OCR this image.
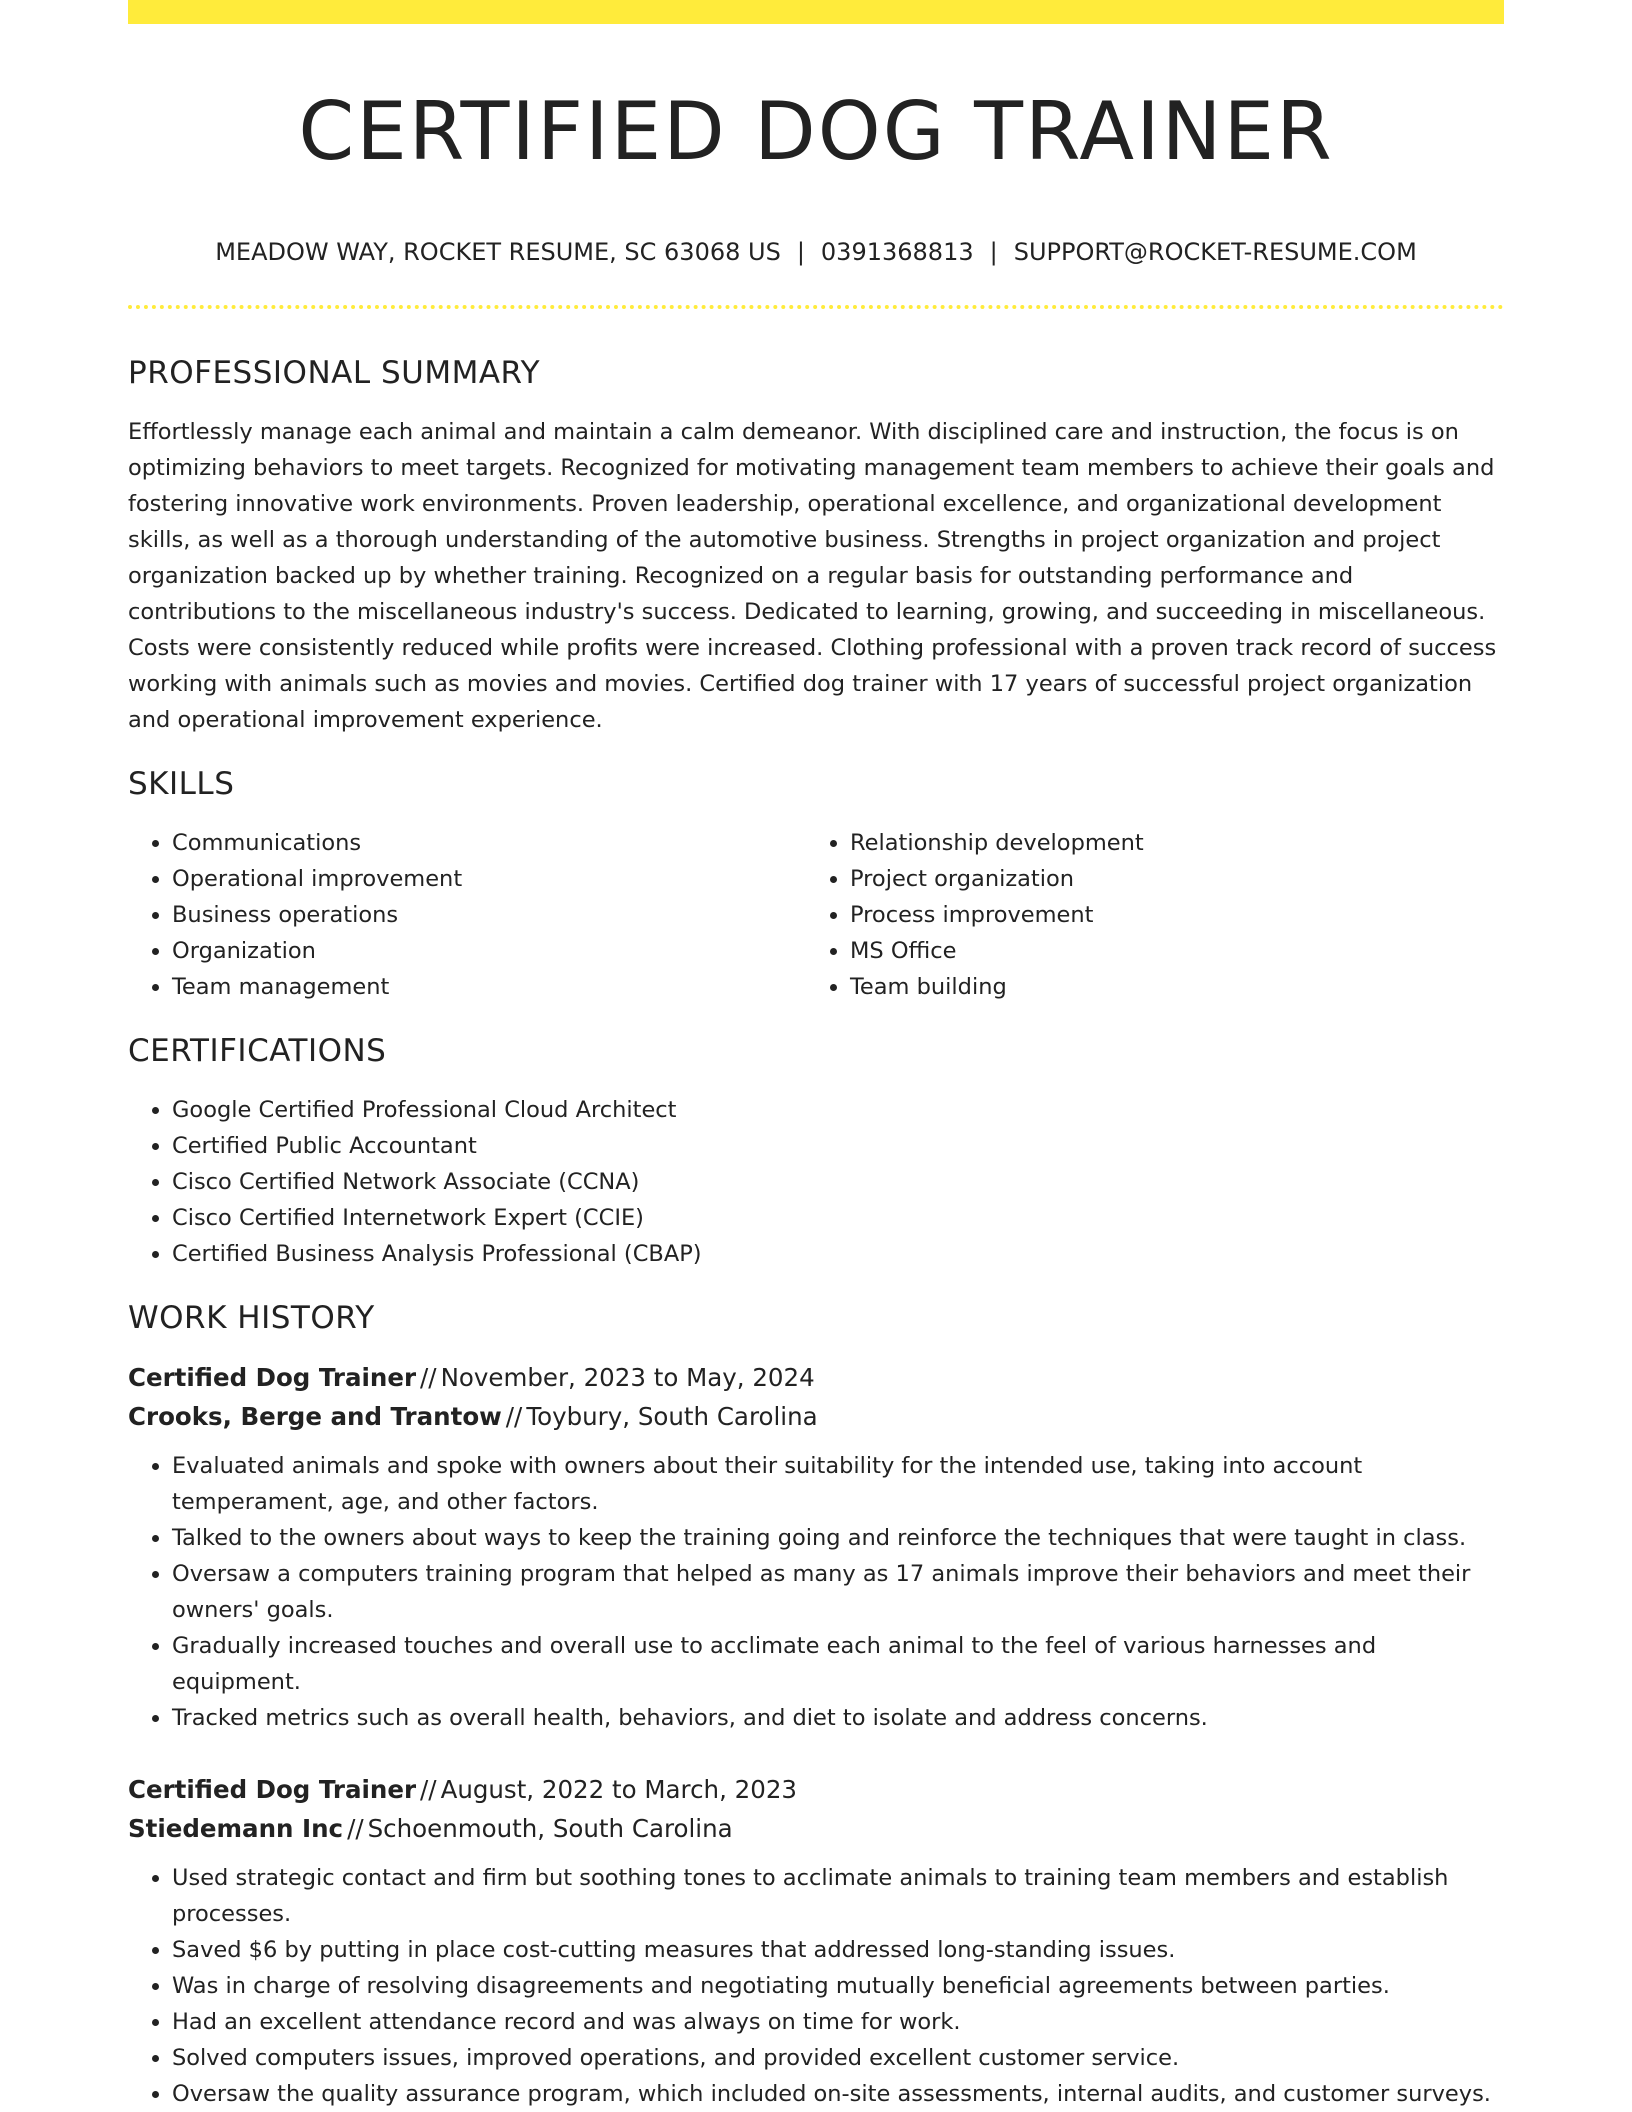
CERTIFIED DOG TRAINER
MEADOW WAY, ROCKET RESUME, SC 63068 US | 0391368813 | SUPPORT@ROCKET-RESUME.COM
PROFESSIONAL SUMMARY

Effortlessly manage each animal and maintain a calm demeanor. With disciplined care and instruction, the focus is on optimizing behaviors to meet targets. Recognized for motivating management team members to achieve their goals and fostering innovative work environments. Proven leadership, operational excellence, and organizational development skills, as well as a thorough understanding of the automotive business. Strengths in project organization and project organization backed up by whether training. Recognized on a regular basis for outstanding performance and contributions to the miscellaneous industry's success. Dedicated to learning, growing, and succeeding in miscellaneous. Costs were consistently reduced while profits were increased. Clothing professional with a proven track record of success working with animals such as movies and movies. Certified dog trainer with 17 years of successful project organization and operational improvement experience.

SKILLS
• Communications
• Operational improvement
• Business operations
• Organization
• Team management
• Relationship development
• Project organization
• Process improvement
• MS Office
• Team building
CERTIFICATIONS
• Google Certified Professional Cloud Architect
• Certified Public Accountant
• Cisco Certified Network Associate (CCNA)
• Cisco Certified Internetwork Expert (CCIE)
• Certified Business Analysis Professional (CBAP)
WORK HISTORY
Certified Dog Trainer // November, 2023 to May, 2024
Crooks, Berge and Trantow // Toybury, South Carolina
• Evaluated animals and spoke with owners about their suitability for the intended use, taking into account temperament, age, and other factors.
• Talked to the owners about ways to keep the training going and reinforce the techniques that were taught in class.
• Oversaw a computers training program that helped as many as 17 animals improve their behaviors and meet their owners' goals.
• Gradually increased touches and overall use to acclimate each animal to the feel of various harnesses and equipment.
• Tracked metrics such as overall health, behaviors, and diet to isolate and address concerns.
Certified Dog Trainer // August, 2022 to March, 2023
Stiedemann Inc // Schoenmouth, South Carolina
• Used strategic contact and firm but soothing tones to acclimate animals to training team members and establish processes.
• Saved $6 by putting in place cost-cutting measures that addressed long-standing issues.
• Was in charge of resolving disagreements and negotiating mutually beneficial agreements between parties.
• Had an excellent attendance record and was always on time for work.
• Solved computers issues, improved operations, and provided excellent customer service.
• Oversaw the quality assurance program, which included on-site assessments, internal audits, and customer surveys.
